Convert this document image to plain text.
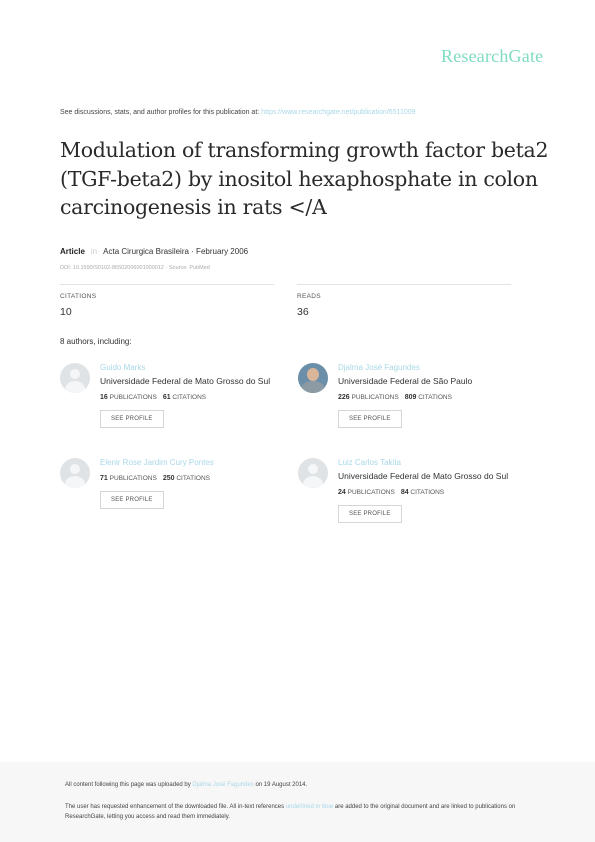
ResearchGate
See discussions, stats, and author profiles for this publication at: https://www.researchgate.net/publication/6511009
Modulation of transforming growth factor beta2 (TGF-beta2) by inositol hexaphosphate in colon carcinogenesis in rats </A
Article in Acta Cirurgica Brasileira · February 2006
DOI: 10.1590/S0102-86502006001000012 · Source: PubMed
CITATIONS
10
READS
36
8 authors, including:
Guido Marks
Universidade Federal de Mato Grosso do Sul
16 PUBLICATIONS 61 CITATIONS
SEE PROFILE
Djalma José Fagundes
Universidade Federal de São Paulo
226 PUBLICATIONS 809 CITATIONS
SEE PROFILE
Elenir Rose Jardim Cury Pontes
71 PUBLICATIONS 250 CITATIONS
SEE PROFILE
Luiz Carlos Takita
Universidade Federal de Mato Grosso do Sul
24 PUBLICATIONS 84 CITATIONS
SEE PROFILE
All content following this page was uploaded by Djalma José Fagundes on 19 August 2014.
The user has requested enhancement of the downloaded file. All in-text references underlined in blue are added to the original document and are linked to publications on ResearchGate, letting you access and read them immediately.
